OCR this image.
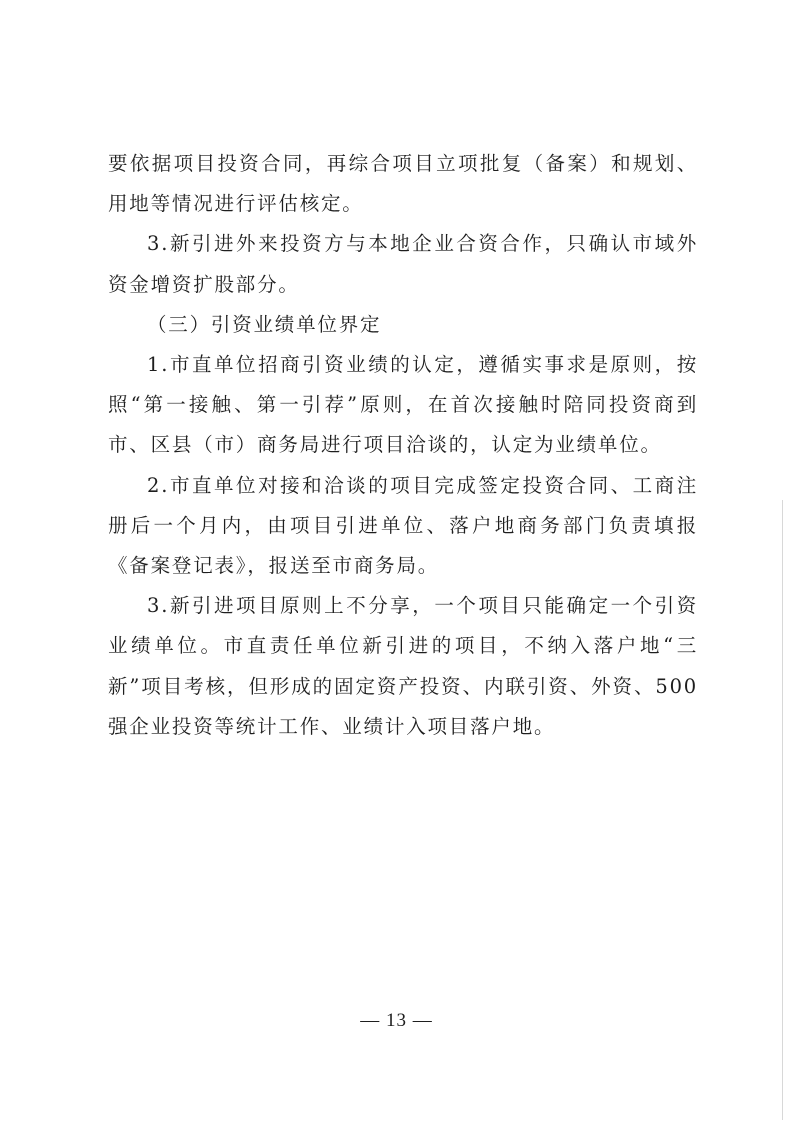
要依据项目投资合同，再综合项目立项批复（备案）和规划、用地等情况进行评估核定。

3.新引进外来投资方与本地企业合资合作，只确认市域外资金增资扩股部分。

（三）引资业绩单位界定

1.市直单位招商引资业绩的认定，遵循实事求是原则，按照“第一接触、第一引荐”原则，在首次接触时陪同投资商到市、区县（市）商务局进行项目洽谈的，认定为业绩单位。

2.市直单位对接和洽谈的项目完成签定投资合同、工商注册后一个月内，由项目引进单位、落户地商务部门负责填报《备案登记表》，报送至市商务局。

3.新引进项目原则上不分享，一个项目只能确定一个引资业绩单位。市直责任单位新引进的项目，不纳入落户地“三新”项目考核，但形成的固定资产投资、内联引资、外资、500强企业投资等统计工作、业绩计入项目落户地。

— 13 —
